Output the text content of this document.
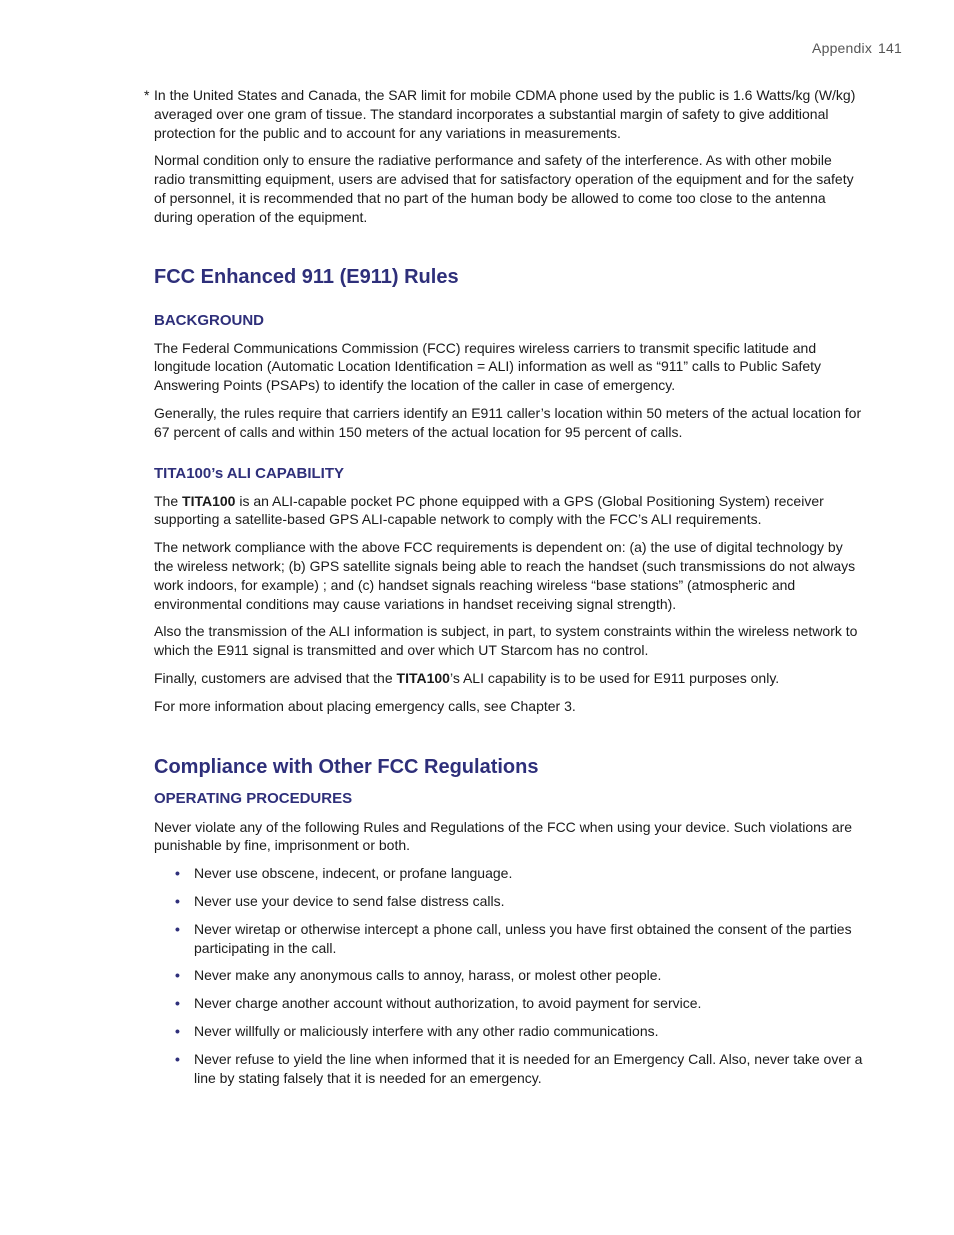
Appendix 141

* In the United States and Canada, the SAR limit for mobile CDMA phone used by the public is 1.6 Watts/kg (W/kg) averaged over one gram of tissue. The standard incorporates a substantial margin of safety to give additional protection for the public and to account for any variations in measurements.

Normal condition only to ensure the radiative performance and safety of the interference. As with other mobile radio transmitting equipment, users are advised that for satisfactory operation of the equipment and for the safety of personnel, it is recommended that no part of the human body be allowed to come too close to the antenna during operation of the equipment.

FCC Enhanced 911 (E911) Rules
BACKGROUND

The Federal Communications Commission (FCC) requires wireless carriers to transmit specific latitude and longitude location (Automatic Location Identification = ALI) information as well as “911” calls to Public Safety Answering Points (PSAPs) to identify the location of the caller in case of emergency.

Generally, the rules require that carriers identify an E911 caller’s location within 50 meters of the actual location for 67 percent of calls and within 150 meters of the actual location for 95 percent of calls.

TITA100’s ALI CAPABILITY

The TITA100 is an ALI-capable pocket PC phone equipped with a GPS (Global Positioning System) receiver supporting a satellite-based GPS ALI-capable network to comply with the FCC’s ALI requirements.

The network compliance with the above FCC requirements is dependent on: (a) the use of digital technology by the wireless network; (b) GPS satellite signals being able to reach the handset (such transmissions do not always work indoors, for example) ; and (c) handset signals reaching wireless “base stations” (atmospheric and environmental conditions may cause variations in handset receiving signal strength).

Also the transmission of the ALI information is subject, in part, to system constraints within the wireless network to which the E911 signal is transmitted and over which UT Starcom has no control.

Finally, customers are advised that the TITA100’s ALI capability is to be used for E911 purposes only.

For more information about placing emergency calls, see Chapter 3.

Compliance with Other FCC Regulations
OPERATING PROCEDURES

Never violate any of the following Rules and Regulations of the FCC when using your device. Such violations are punishable by fine, imprisonment or both.

• Never use obscene, indecent, or profane language.
• Never use your device to send false distress calls.
• Never wiretap or otherwise intercept a phone call, unless you have first obtained the consent of the parties participating in the call.
• Never make any anonymous calls to annoy, harass, or molest other people.
• Never charge another account without authorization, to avoid payment for service.
• Never willfully or maliciously interfere with any other radio communications.
• Never refuse to yield the line when informed that it is needed for an Emergency Call. Also, never take over a line by stating falsely that it is needed for an emergency.
